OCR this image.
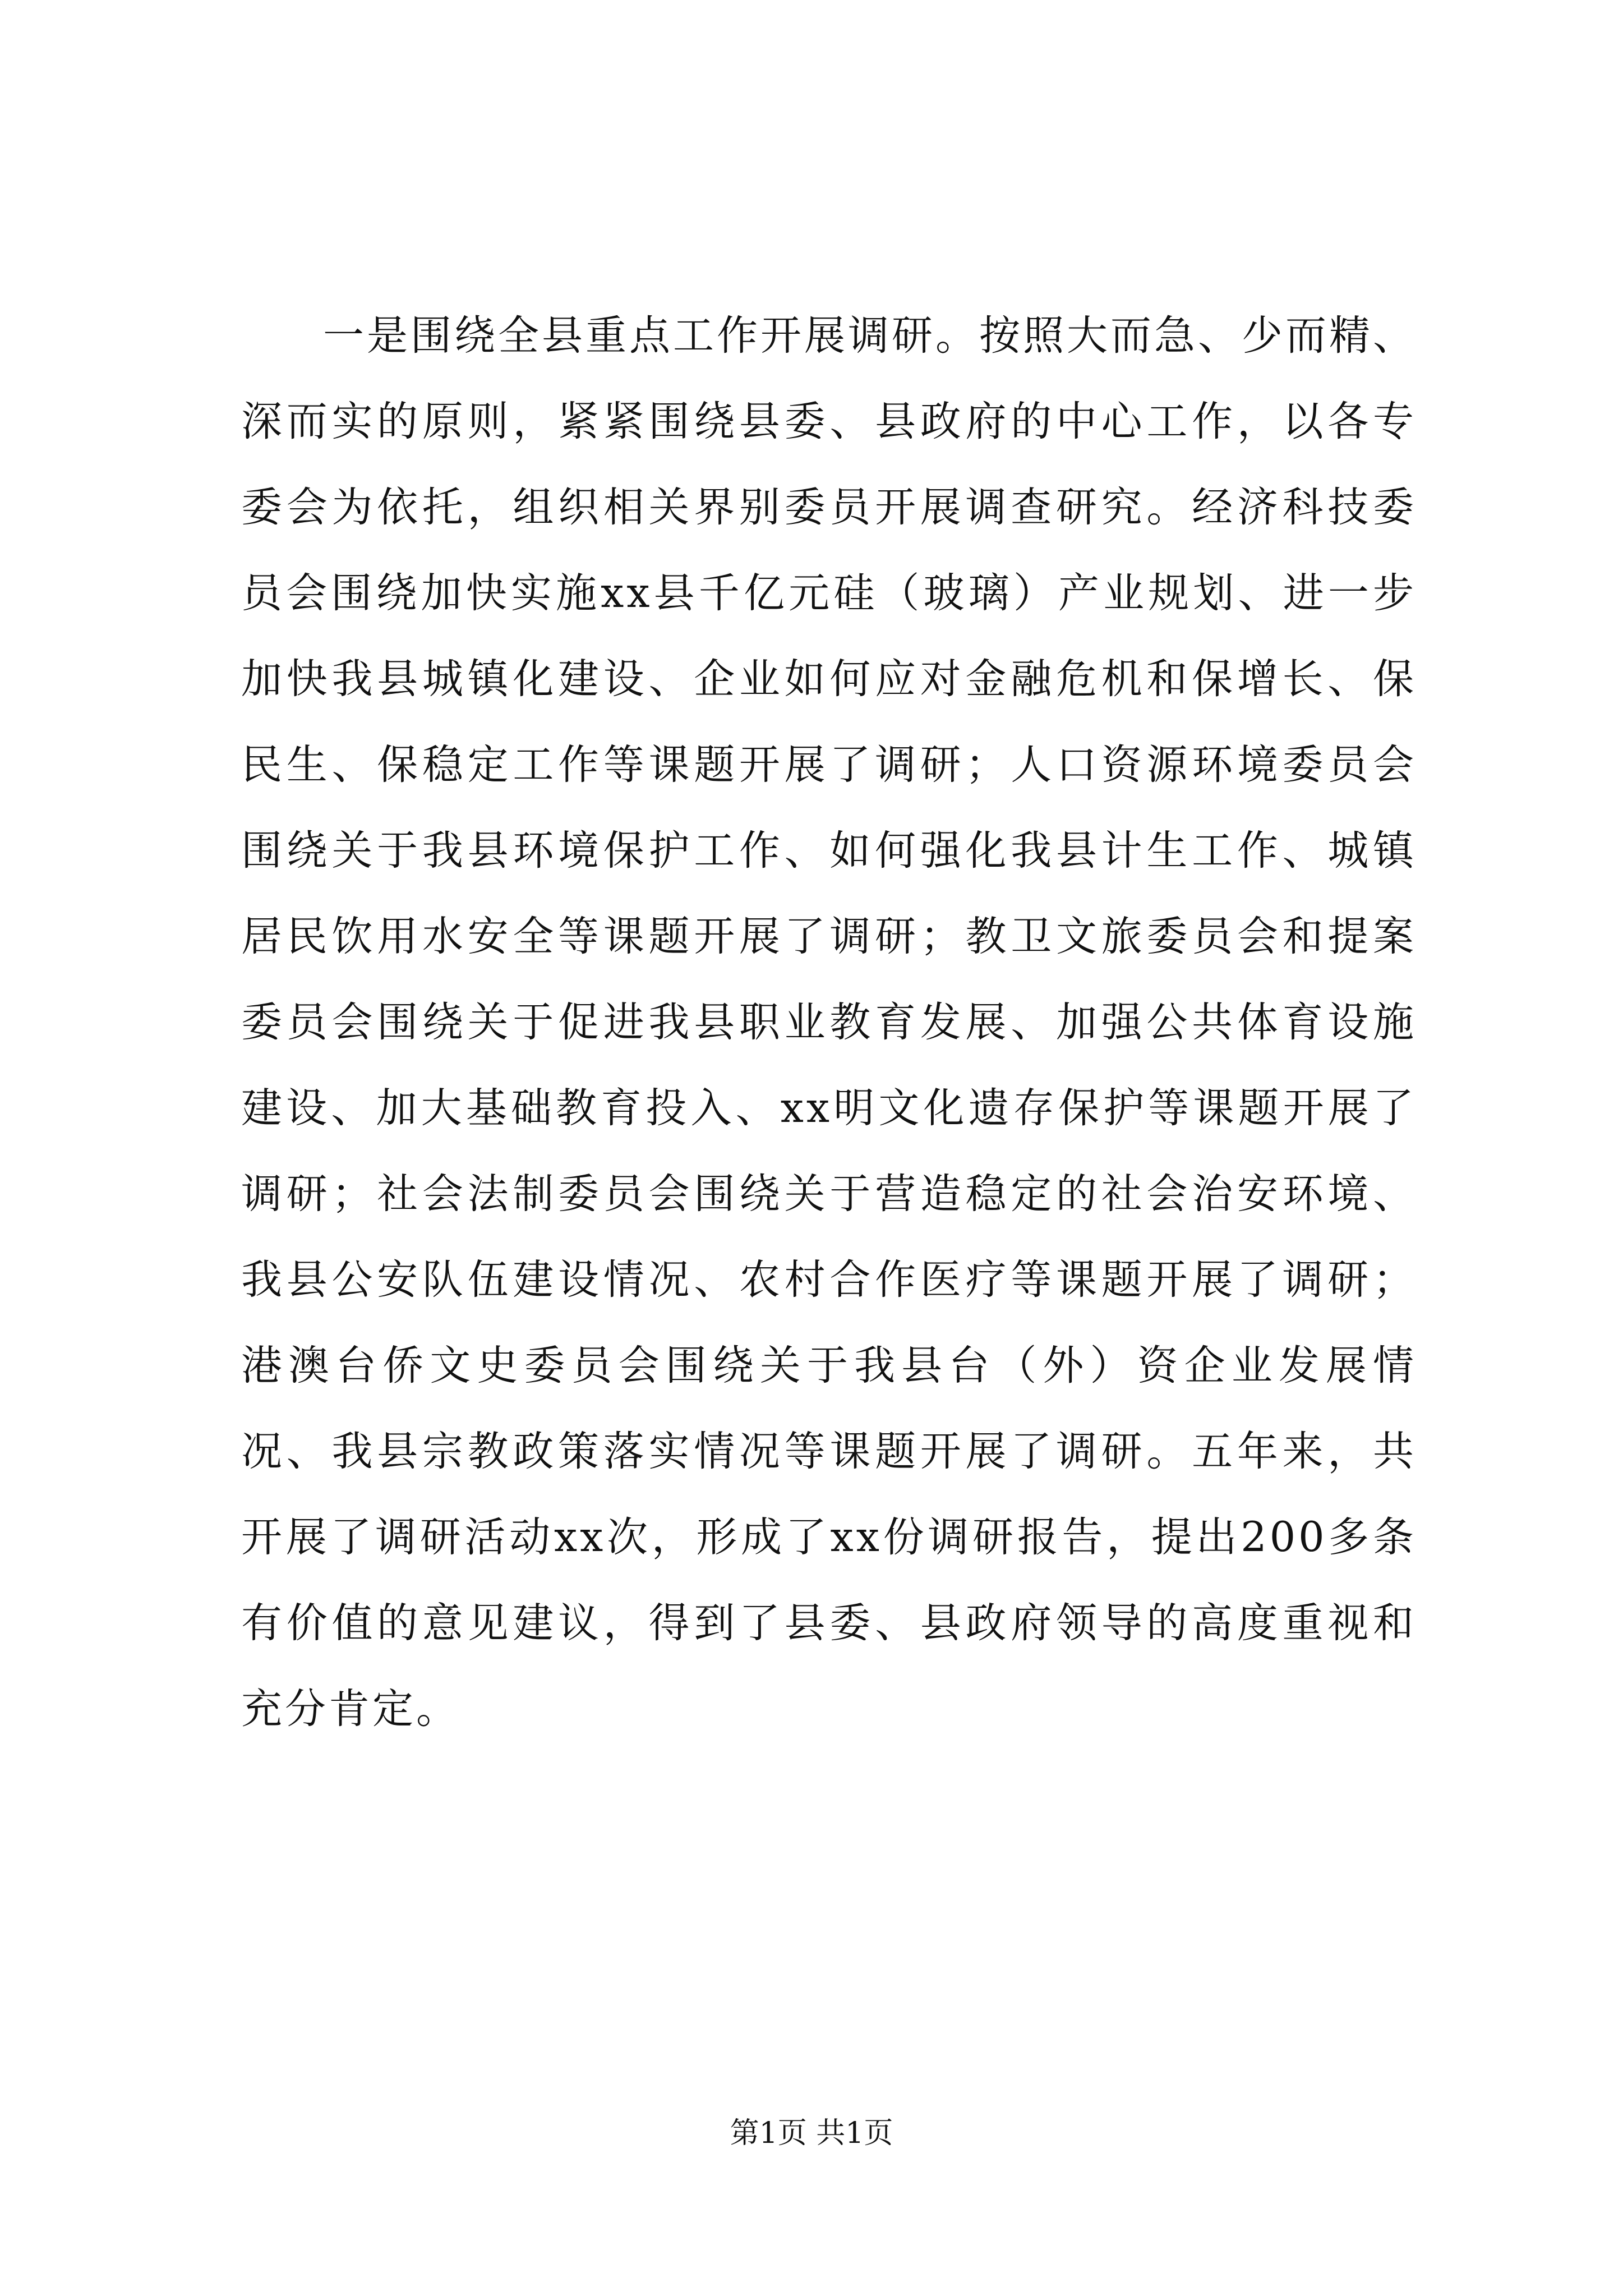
一是围绕全县重点工作开展调研。按照大而急、少而精、深而实的原则，紧紧围绕县委、县政府的中心工作，以各专委会为依托，组织相关界别委员开展调查研究。经济科技委员会围绕加快实施xx县千亿元硅（玻璃）产业规划、进一步加快我县城镇化建设、企业如何应对金融危机和保增长、保民生、保稳定工作等课题开展了调研；人口资源环境委员会围绕关于我县环境保护工作、如何强化我县计生工作、城镇居民饮用水安全等课题开展了调研；教卫文旅委员会和提案委员会围绕关于促进我县职业教育发展、加强公共体育设施建设、加大基础教育投入、xx明文化遗存保护等课题开展了调研；社会法制委员会围绕关于营造稳定的社会治安环境、我县公安队伍建设情况、农村合作医疗等课题开展了调研；港澳台侨文史委员会围绕关于我县台（外）资企业发展情况、我县宗教政策落实情况等课题开展了调研。五年来，共开展了调研活动xx次，形成了xx份调研报告，提出200多条有价值的意见建议，得到了县委、县政府领导的高度重视和充分肯定。

第1页 共1页
